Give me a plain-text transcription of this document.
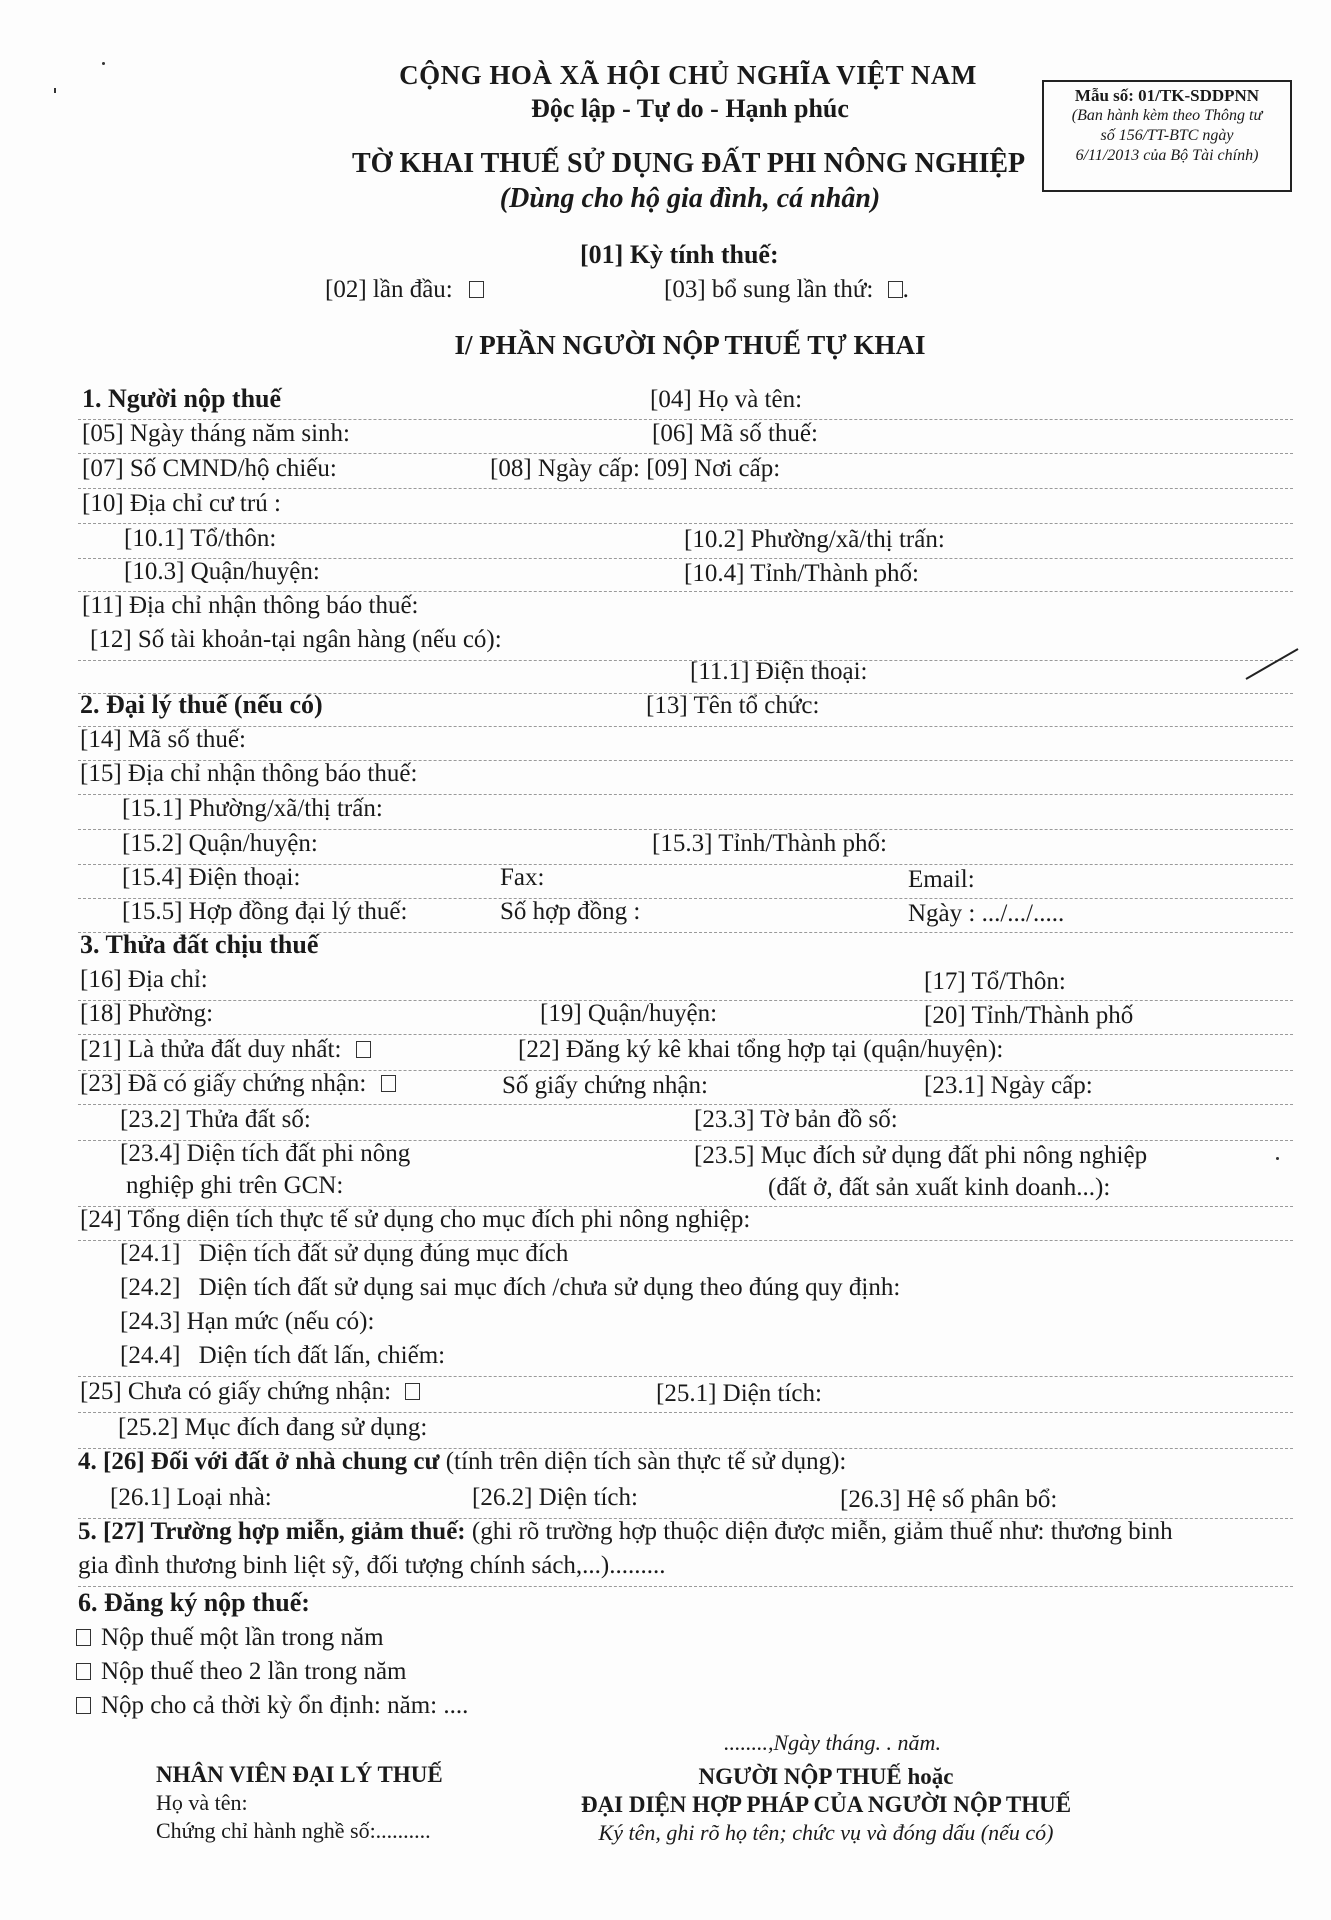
CỘNG HOÀ XÃ HỘI CHỦ NGHĨA VIỆT NAM
Độc lập - Tự do - Hạnh phúc
TỜ KHAI THUẾ SỬ DỤNG ĐẤT PHI NÔNG NGHIỆP
(Dùng cho hộ gia đình, cá nhân)
Mẫu số: 01/TK-SDDPNN
(Ban hành kèm theo Thông tư
số 156/TT-BTC ngày
6/11/2013 của Bộ Tài chính)
[01] Kỳ tính thuế:
[02] lần đầu:	[03] bổ sung lần thứ: .
I/ PHẦN NGƯỜI NỘP THUẾ TỰ KHAI
1. Người nộp thuế	[04] Họ và tên:
[05] Ngày tháng năm sinh:	[06] Mã số thuế:
[07] Số CMND/hộ chiếu:	[08] Ngày cấp: [09] Nơi cấp:
[10] Địa chỉ cư trú :
[10.1] Tổ/thôn:	[10.2] Phường/xã/thị trấn:
[10.3] Quận/huyện:	[10.4] Tỉnh/Thành phố:
[11] Địa chỉ nhận thông báo thuế:
[12] Số tài khoản-tại ngân hàng (nếu có):
[11.1] Điện thoại:
2. Đại lý thuế (nếu có)	[13] Tên tổ chức:
[14] Mã số thuế:
[15] Địa chỉ nhận thông báo thuế:
[15.1] Phường/xã/thị trấn:
[15.2] Quận/huyện:	[15.3] Tỉnh/Thành phố:
[15.4] Điện thoại:	Fax:	Email:
[15.5] Hợp đồng đại lý thuế:	Số hợp đồng :	Ngày : .../.../.....
3. Thửa đất chịu thuế
[16] Địa chỉ:	[17] Tổ/Thôn:
[18] Phường:	[19] Quận/huyện:	[20] Tỉnh/Thành phố
[21] Là thửa đất duy nhất:	[22] Đăng ký kê khai tổng hợp tại (quận/huyện):
[23] Đã có giấy chứng nhận:	Số giấy chứng nhận:	[23.1] Ngày cấp:
[23.2] Thửa đất số:	[23.3] Tờ bản đồ số:
[23.4] Diện tích đất phi nông
nghiệp ghi trên GCN:
[23.5] Mục đích sử dụng đất phi nông nghiệp
(đất ở, đất sản xuất kinh doanh...):
[24] Tổng diện tích thực tế sử dụng cho mục đích phi nông nghiệp:
[24.1] Diện tích đất sử dụng đúng mục đích
[24.2] Diện tích đất sử dụng sai mục đích /chưa sử dụng theo đúng quy định:
[24.3] Hạn mức (nếu có):
[24.4] Diện tích đất lấn, chiếm:
[25] Chưa có giấy chứng nhận:	[25.1] Diện tích:
[25.2] Mục đích đang sử dụng:
4. [26] Đối với đất ở nhà chung cư (tính trên diện tích sàn thực tế sử dụng):
[26.1] Loại nhà:	[26.2] Diện tích:	[26.3] Hệ số phân bổ:
5. [27] Trường hợp miễn, giảm thuế: (ghi rõ trường hợp thuộc diện được miễn, giảm thuế như: thương binh
gia đình thương binh liệt sỹ, đối tượng chính sách,...).........
6. Đăng ký nộp thuế:
Nộp thuế một lần trong năm
Nộp thuế theo 2 lần trong năm
Nộp cho cả thời kỳ ổn định: năm: ....
........,Ngày tháng. . năm.
NHÂN VIÊN ĐẠI LÝ THUẾ
Họ và tên:
Chứng chỉ hành nghề số:..........
NGƯỜI NỘP THUẾ hoặc
ĐẠI DIỆN HỢP PHÁP CỦA NGƯỜI NỘP THUẾ
Ký tên, ghi rõ họ tên; chức vụ và đóng dấu (nếu có)
